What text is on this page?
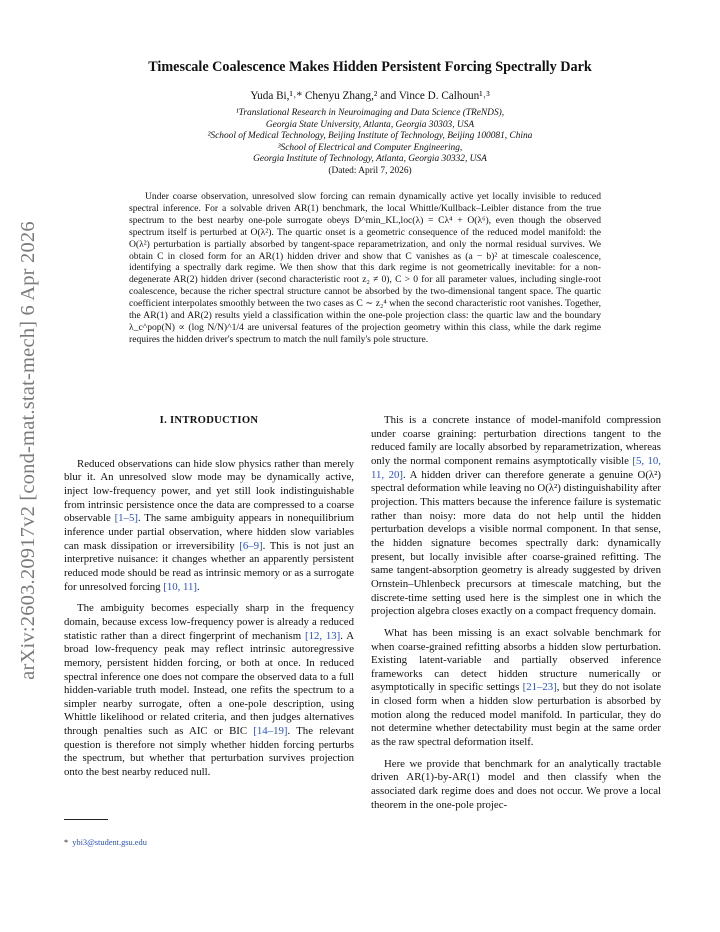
arXiv:2603.20917v2 [cond-mat.stat-mech] 6 Apr 2026
Timescale Coalescence Makes Hidden Persistent Forcing Spectrally Dark
Yuda Bi,¹˒* Chenyu Zhang,² and Vince D. Calhoun¹˒³
¹Translational Research in Neuroimaging and Data Science (TReNDS),
Georgia State University, Atlanta, Georgia 30303, USA
²School of Medical Technology, Beijing Institute of Technology, Beijing 100081, China
³School of Electrical and Computer Engineering,
Georgia Institute of Technology, Atlanta, Georgia 30332, USA
(Dated: April 7, 2026)
Under coarse observation, unresolved slow forcing can remain dynamically active yet locally invisible to reduced spectral inference. For a solvable driven AR(1) benchmark, the local Whittle/Kullback–Leibler distance from the true spectrum to the best nearby one-pole surrogate obeys D^min_KL,loc(λ) = Cλ⁴ + O(λ⁶), even though the observed spectrum itself is perturbed at O(λ²). The quartic onset is a geometric consequence of the reduced model manifold: the O(λ²) perturbation is partially absorbed by tangent-space reparametrization, and only the normal residual survives. We obtain C in closed form for an AR(1) hidden driver and show that C vanishes as (a − b)² at timescale coalescence, identifying a spectrally dark regime. We then show that this dark regime is not geometrically inevitable: for a non-degenerate AR(2) hidden driver (second characteristic root z₂ ≠ 0), C > 0 for all parameter values, including single-root coalescence, because the richer spectral structure cannot be absorbed by the two-dimensional tangent space. The quartic coefficient interpolates smoothly between the two cases as C ∼ z₂⁴ when the second characteristic root vanishes. Together, the AR(1) and AR(2) results yield a classification within the one-pole projection class: the quartic law and the boundary λ_c^pop(N) ∝ (log N/N)^1/4 are universal features of the projection geometry within this class, while the dark regime requires the hidden driver's spectrum to match the null family's pole structure.
I. INTRODUCTION

Reduced observations can hide slow physics rather than merely blur it. An unresolved slow mode may be dynamically active, inject low-frequency power, and yet still look indistinguishable from intrinsic persistence once the data are compressed to a coarse observable [1–5]. The same ambiguity appears in nonequilibrium inference under partial observation, where hidden slow variables can mask dissipation or irreversibility [6–9]. This is not just an interpretive nuisance: it changes whether an apparently persistent reduced mode should be read as intrinsic memory or as a surrogate for unresolved forcing [10, 11].

The ambiguity becomes especially sharp in the frequency domain, because excess low-frequency power is already a reduced statistic rather than a direct fingerprint of mechanism [12, 13]. A broad low-frequency peak may reflect intrinsic autoregressive memory, persistent hidden forcing, or both at once. In reduced spectral inference one does not compare the observed data to a full hidden-variable truth model. Instead, one refits the spectrum to a simpler nearby surrogate, often a one-pole description, using Whittle likelihood or related criteria, and then judges alternatives through penalties such as AIC or BIC [14–19]. The relevant question is therefore not simply whether hidden forcing perturbs the spectrum, but whether that perturbation survives projection onto the best nearby reduced null.

This is a concrete instance of model-manifold compression under coarse graining: perturbation directions tangent to the reduced family are locally absorbed by reparametrization, whereas only the normal component remains asymptotically visible [5, 10, 11, 20]. A hidden driver can therefore generate a genuine O(λ²) spectral deformation while leaving no O(λ²) distinguishability after projection. This matters because the inference failure is systematic rather than noisy: more data do not help until the hidden perturbation develops a visible normal component. In that sense, the hidden signature becomes spectrally dark: dynamically present, but locally invisible after coarse-grained refitting. The same tangent-absorption geometry is already suggested by driven Ornstein–Uhlenbeck precursors at timescale matching, but the discrete-time setting used here is the simplest one in which the projection algebra closes exactly on a compact frequency domain.

What has been missing is an exact solvable benchmark for when coarse-grained refitting absorbs a hidden slow perturbation. Existing latent-variable and partially observed inference frameworks can detect hidden structure numerically or asymptotically in specific settings [21–23], but they do not isolate in closed form when a hidden slow perturbation is absorbed by motion along the reduced model manifold. In particular, they do not determine whether detectability must begin at the same order as the raw spectral deformation itself.

Here we provide that benchmark for an analytically tractable driven AR(1)-by-AR(1) model and then classify when the associated dark regime does and does not occur. We prove a local theorem in the one-pole projec-

* ybi3@student.gsu.edu
